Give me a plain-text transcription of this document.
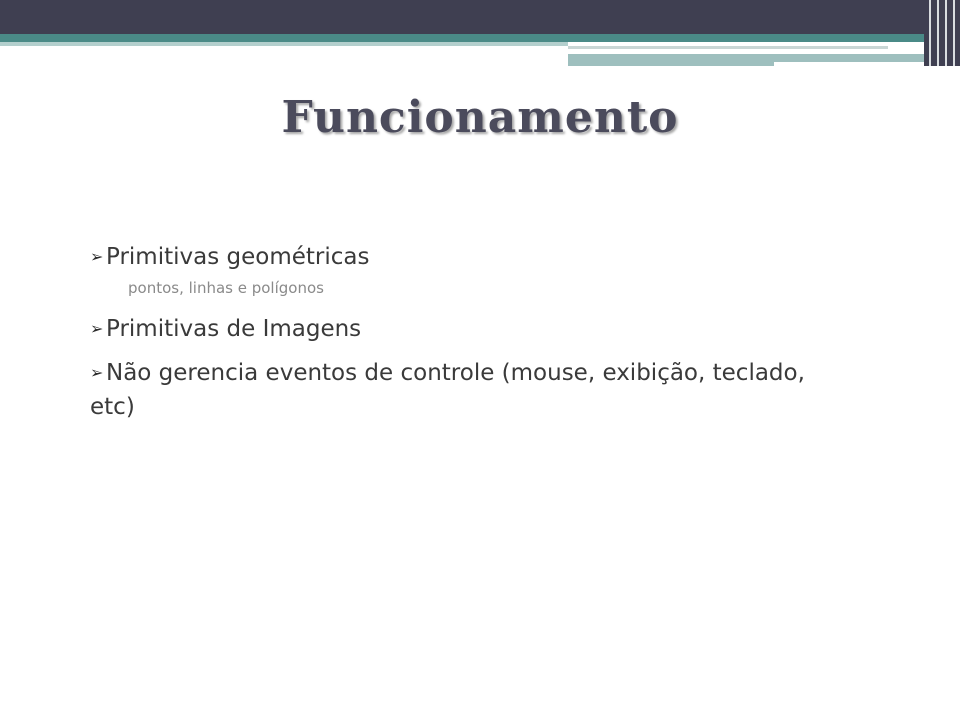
Funcionamento
➢ Primitivas geométricas
pontos, linhas e polígonos
➢ Primitivas de Imagens
➢ Não gerencia eventos de controle (mouse, exibição, teclado, etc)
